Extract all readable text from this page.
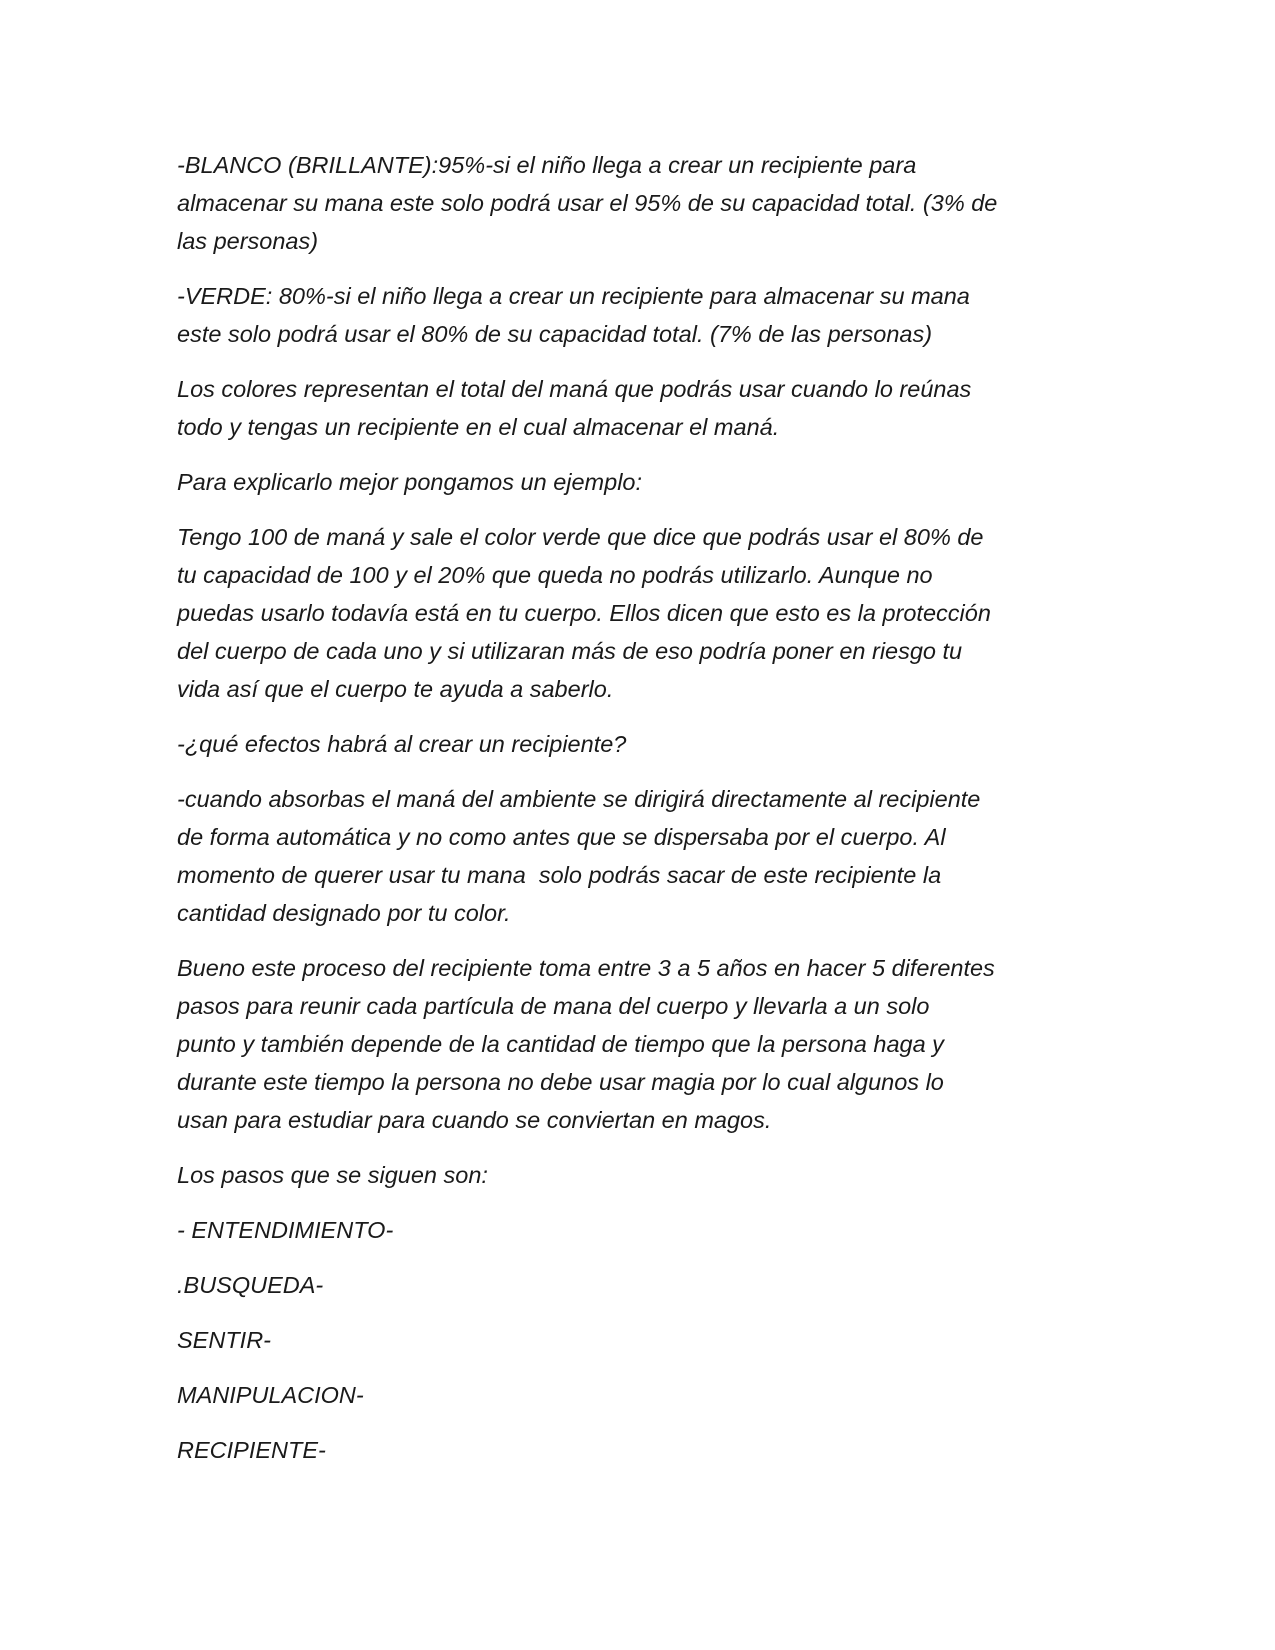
-BLANCO (BRILLANTE):95%-si el niño llega a crear un recipiente para
almacenar su mana este solo podrá usar el 95% de su capacidad total. (3% de
las personas)

-VERDE: 80%-si el niño llega a crear un recipiente para almacenar su mana
este solo podrá usar el 80% de su capacidad total. (7% de las personas)

Los colores representan el total del maná que podrás usar cuando lo reúnas
todo y tengas un recipiente en el cual almacenar el maná.

Para explicarlo mejor pongamos un ejemplo:

Tengo 100 de maná y sale el color verde que dice que podrás usar el 80% de
tu capacidad de 100 y el 20% que queda no podrás utilizarlo. Aunque no
puedas usarlo todavía está en tu cuerpo. Ellos dicen que esto es la protección
del cuerpo de cada uno y si utilizaran más de eso podría poner en riesgo tu
vida así que el cuerpo te ayuda a saberlo.

-¿qué efectos habrá al crear un recipiente?

-cuando absorbas el maná del ambiente se dirigirá directamente al recipiente
de forma automática y no como antes que se dispersaba por el cuerpo. Al
momento de querer usar tu mana  solo podrás sacar de este recipiente la
cantidad designado por tu color.

Bueno este proceso del recipiente toma entre 3 a 5 años en hacer 5 diferentes
pasos para reunir cada partícula de mana del cuerpo y llevarla a un solo
punto y también depende de la cantidad de tiempo que la persona haga y
durante este tiempo la persona no debe usar magia por lo cual algunos lo
usan para estudiar para cuando se conviertan en magos.

Los pasos que se siguen son:

- ENTENDIMIENTO-
.BUSQUEDA-
SENTIR-
MANIPULACION-
RECIPIENTE-
